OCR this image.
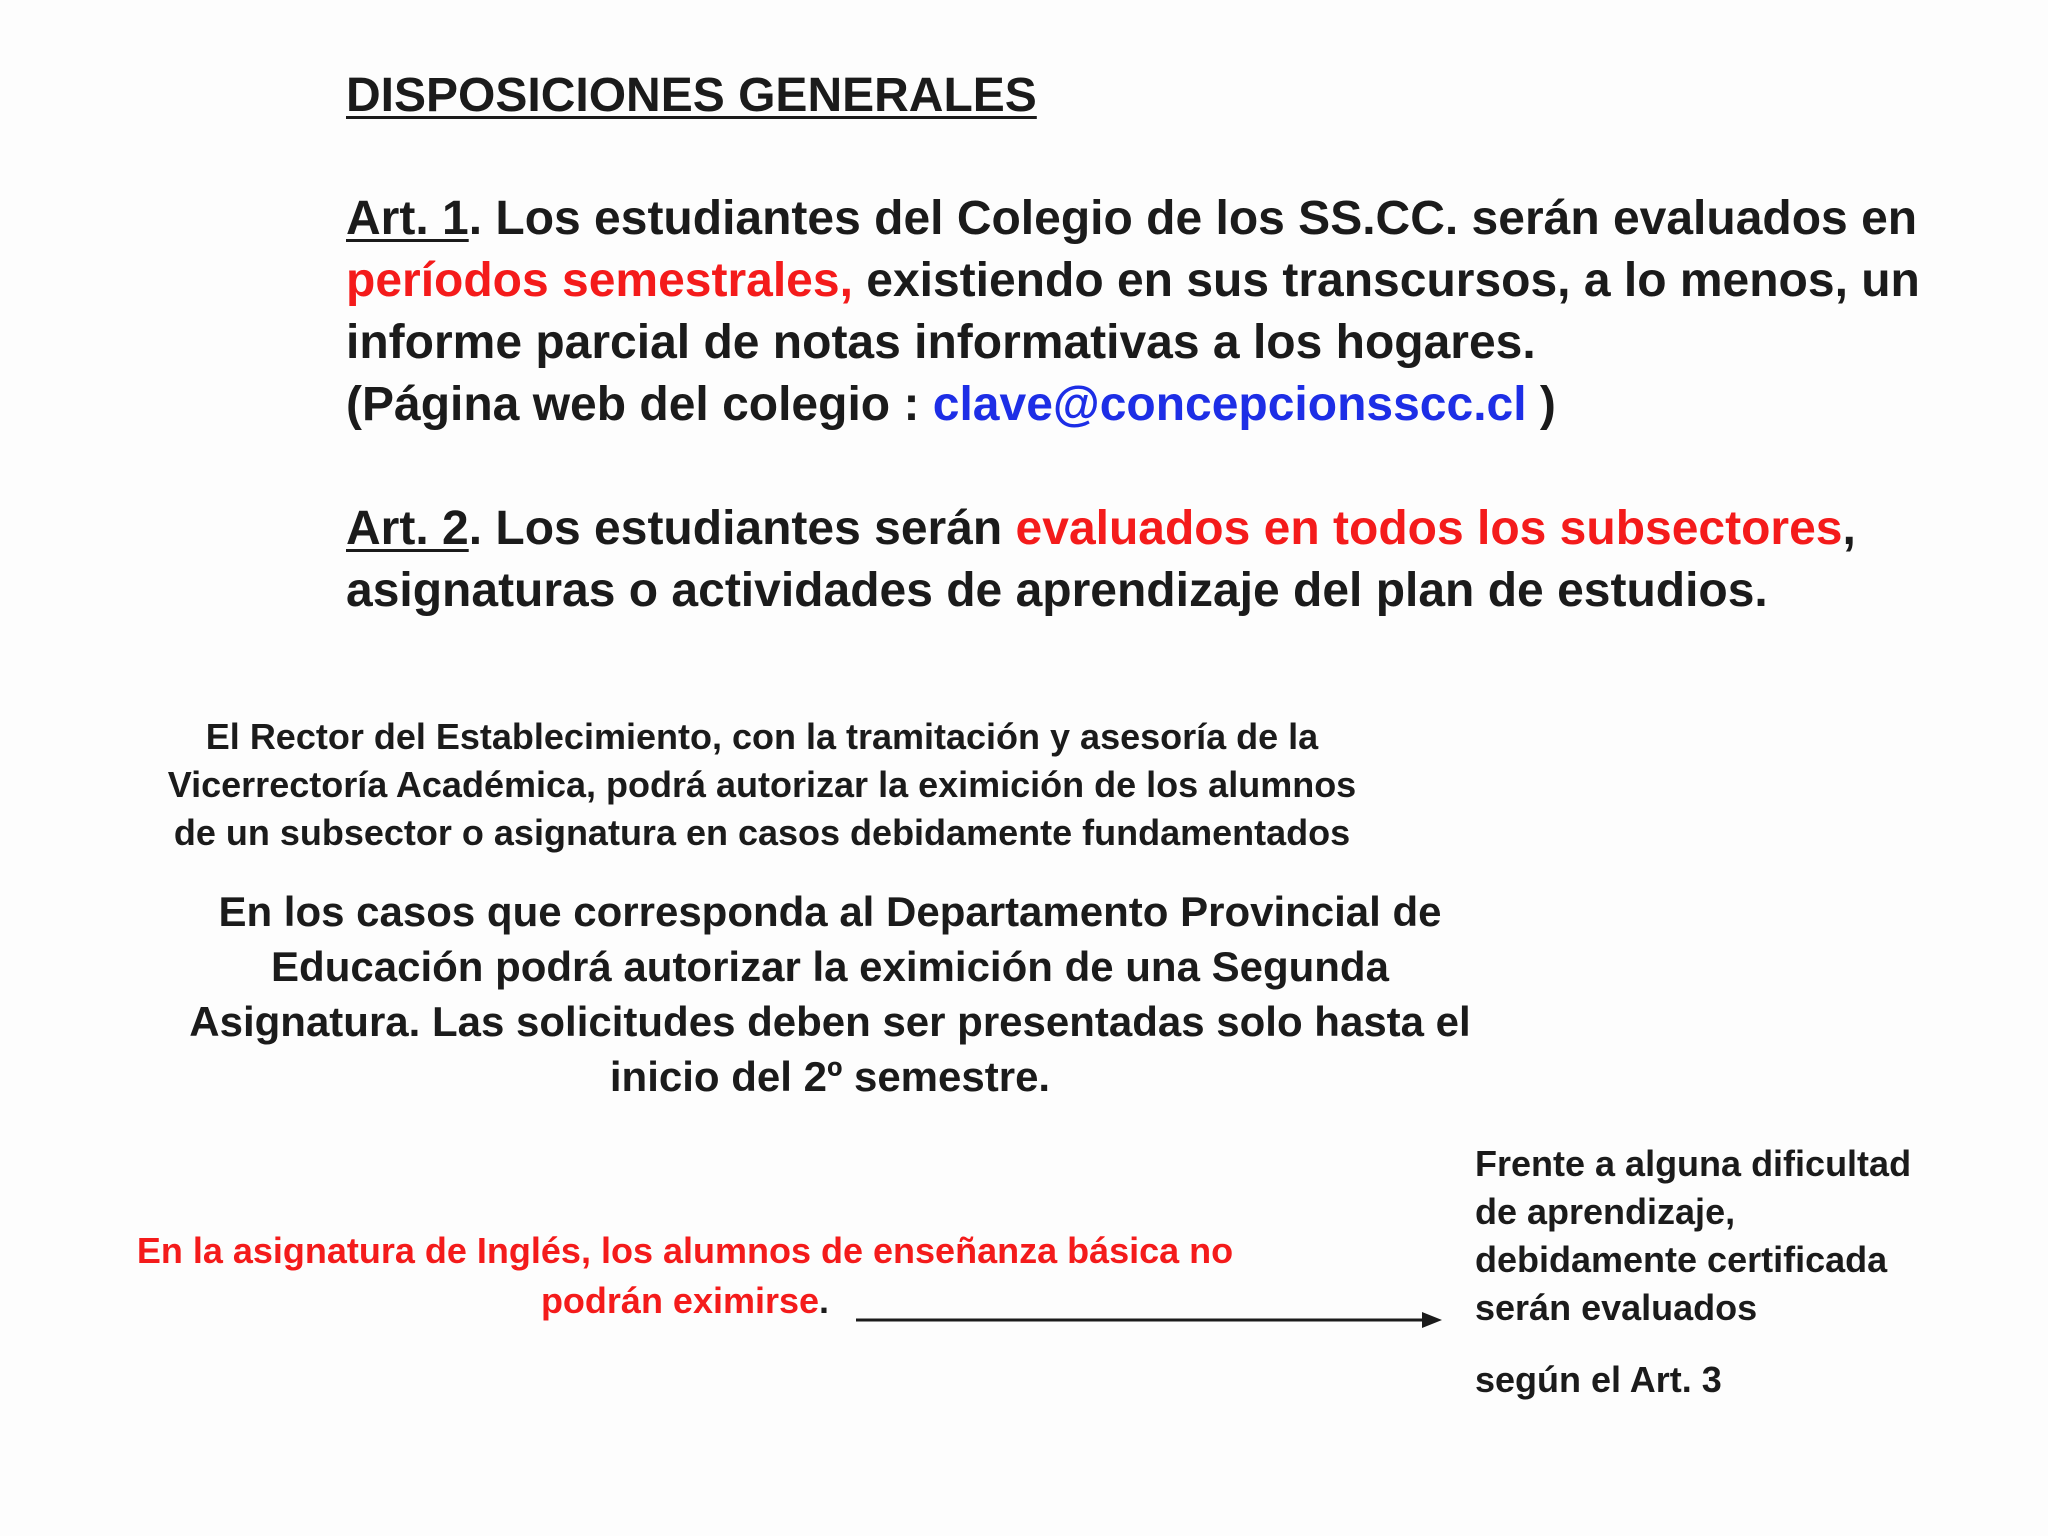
DISPOSICIONES GENERALES
Art. 1. Los estudiantes del Colegio de los SS.CC. serán evaluados en
períodos semestrales, existiendo en sus transcursos, a lo menos, un
informe parcial de notas informativas a los hogares.
(Página web del colegio : clave@concepcionsscc.cl )
Art. 2. Los estudiantes serán evaluados en todos los subsectores,
asignaturas o actividades de aprendizaje del plan de estudios.
El Rector del Establecimiento, con la tramitación y asesoría de la
Vicerrectoría Académica, podrá autorizar la eximición de los alumnos
de un subsector o asignatura en casos debidamente fundamentados
En los casos que corresponda al Departamento Provincial de
Educación podrá autorizar la eximición de una Segunda
Asignatura. Las solicitudes deben ser presentadas solo hasta el
inicio del 2º semestre.
En la asignatura de Inglés, los alumnos de enseñanza básica no
podrán eximirse.
Frente a alguna dificultad
de aprendizaje,
debidamente certificada
serán evaluados
según el Art. 3
